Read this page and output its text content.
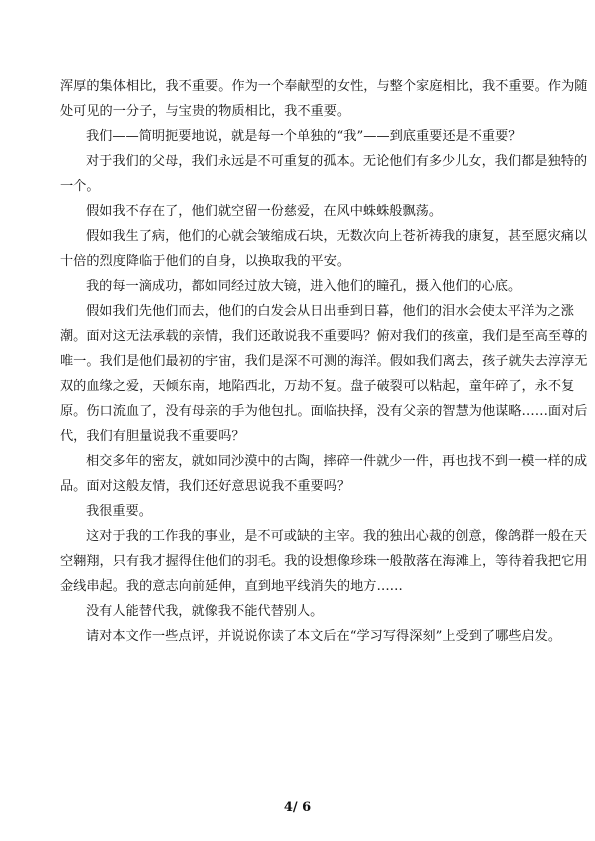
浑厚的集体相比，我不重要。作为一个奉献型的女性，与整个家庭相比，我不重要。作为随
处可见的一分子，与宝贵的物质相比，我不重要。
我们——简明扼要地说，就是每一个单独的“我”——到底重要还是不重要？
对于我们的父母，我们永远是不可重复的孤本。无论他们有多少儿女，我们都是独特的
一个。
假如我不存在了，他们就空留一份慈爱，在风中蛛蛛般飘荡。
假如我生了病，他们的心就会皱缩成石块，无数次向上苍祈祷我的康复，甚至愿灾痛以
十倍的烈度降临于他们的自身，以换取我的平安。
我的每一滴成功，都如同经过放大镜，进入他们的瞳孔，摄入他们的心底。
假如我们先他们而去，他们的白发会从日出垂到日暮，他们的泪水会使太平洋为之涨
潮。面对这无法承载的亲情，我们还敢说我不重要吗？俯对我们的孩童，我们是至高至尊的
唯一。我们是他们最初的宇宙，我们是深不可测的海洋。假如我们离去，孩子就失去淳淳无
双的血缘之爱，天倾东南，地陷西北，万劫不复。盘子破裂可以粘起，童年碎了，永不复
原。伤口流血了，没有母亲的手为他包扎。面临抉择，没有父亲的智慧为他谋略……面对后
代，我们有胆量说我不重要吗？
相交多年的密友，就如同沙漠中的古陶，摔碎一件就少一件，再也找不到一模一样的成
品。面对这般友情，我们还好意思说我不重要吗？
我很重要。
这对于我的工作我的事业，是不可或缺的主宰。我的独出心裁的创意，像鸽群一般在天
空翱翔，只有我才握得住他们的羽毛。我的设想像珍珠一般散落在海滩上，等待着我把它用
金线串起。我的意志向前延伸，直到地平线消失的地方……
没有人能替代我，就像我不能代替别人。
请对本文作一些点评，并说说你读了本文后在“学习写得深刻”上受到了哪些启发。
4/ 6
